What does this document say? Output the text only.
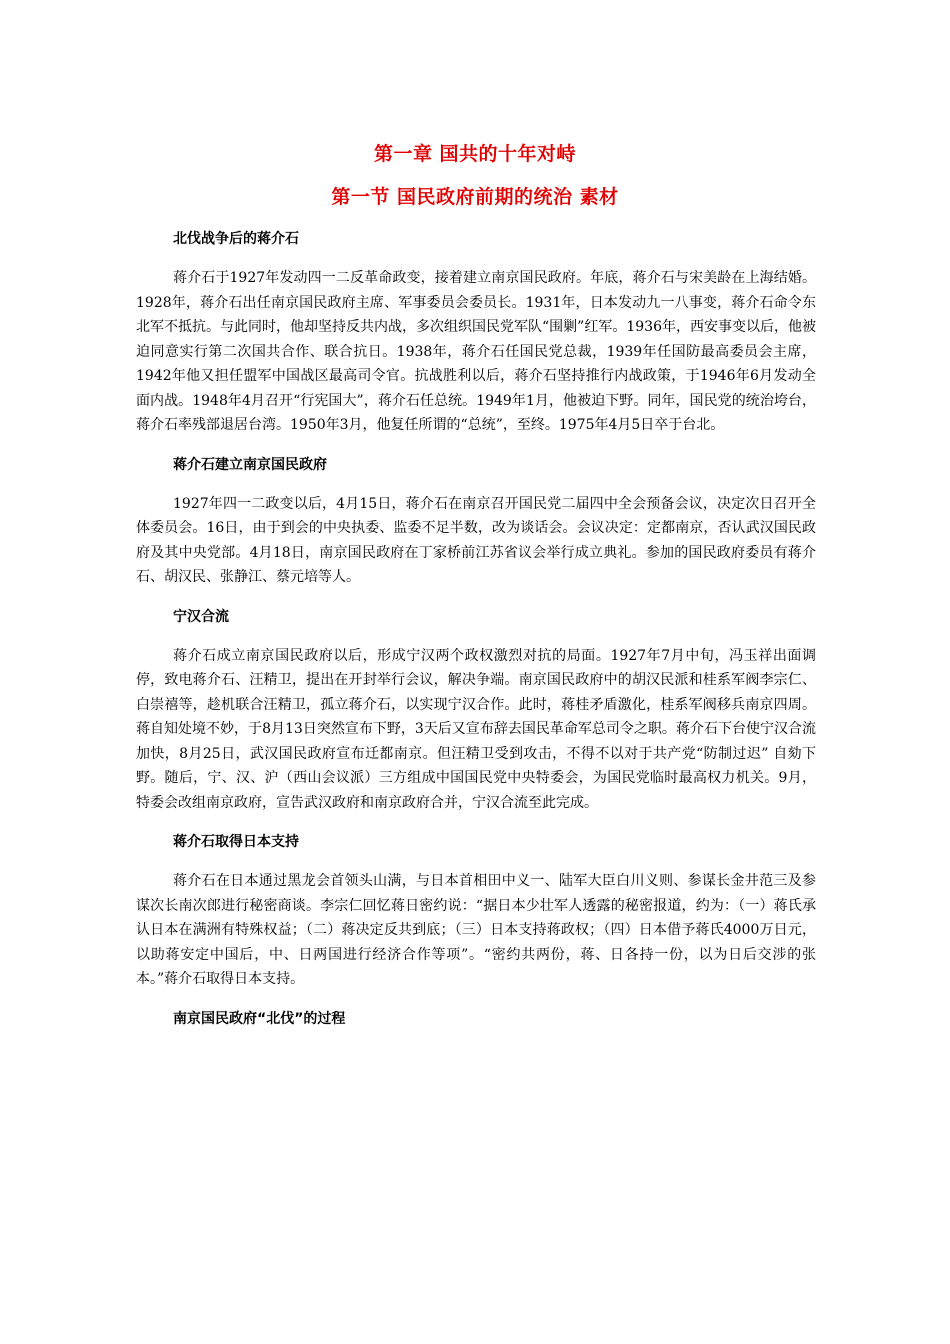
第一章 国共的十年对峙
第一节 国民政府前期的统治 素材
北伐战争后的蒋介石

蒋介石于1927年发动四一二反革命政变，接着建立南京国民政府。年底，蒋介石与宋美龄在上海结婚。1928年，蒋介石出任南京国民政府主席、军事委员会委员长。1931年，日本发动九一八事变，蒋介石命令东北军不抵抗。与此同时，他却坚持反共内战，多次组织国民党军队“围剿”红军。1936年，西安事变以后，他被迫同意实行第二次国共合作、联合抗日。1938年，蒋介石任国民党总裁，1939年任国防最高委员会主席，1942年他又担任盟军中国战区最高司令官。抗战胜利以后，蒋介石坚持推行内战政策，于1946年6月发动全面内战。1948年4月召开“行宪国大”，蒋介石任总统。1949年1月，他被迫下野。同年，国民党的统治垮台，蒋介石率残部退居台湾。1950年3月，他复任所谓的“总统”，至终。1975年4月5日卒于台北。

蒋介石建立南京国民政府

1927年四一二政变以后，4月15日，蒋介石在南京召开国民党二届四中全会预备会议，决定次日召开全体委员会。16日，由于到会的中央执委、监委不足半数，改为谈话会。会议决定：定都南京，否认武汉国民政府及其中央党部。4月18日，南京国民政府在丁家桥前江苏省议会举行成立典礼。参加的国民政府委员有蒋介石、胡汉民、张静江、蔡元培等人。

宁汉合流

蒋介石成立南京国民政府以后，形成宁汉两个政权激烈对抗的局面。1927年7月中旬，冯玉祥出面调停，致电蒋介石、汪精卫，提出在开封举行会议，解决争端。南京国民政府中的胡汉民派和桂系军阀李宗仁、白崇禧等，趁机联合汪精卫，孤立蒋介石，以实现宁汉合作。此时，蒋桂矛盾激化，桂系军阀移兵南京四周。蒋自知处境不妙，于8月13日突然宣布下野，3天后又宣布辞去国民革命军总司令之职。蒋介石下台使宁汉合流加快，8月25日，武汉国民政府宣布迁都南京。但汪精卫受到攻击，不得不以对于共产党“防制过迟” 自劾下野。随后，宁、汉、沪（西山会议派）三方组成中国国民党中央特委会，为国民党临时最高权力机关。9月，特委会改组南京政府，宣告武汉政府和南京政府合并，宁汉合流至此完成。

蒋介石取得日本支持

蒋介石在日本通过黑龙会首领头山满，与日本首相田中义一、陆军大臣白川义则、参谋长金井范三及参谋次长南次郎进行秘密商谈。李宗仁回忆蒋日密约说：“据日本少壮军人透露的秘密报道，约为：（一）蒋氏承认日本在满洲有特殊权益；（二）蒋决定反共到底；（三）日本支持蒋政权；（四）日本借予蒋氏4000万日元，以助蒋安定中国后，中、日两国进行经济合作等项”。“密约共两份，蒋、日各持一份，以为日后交涉的张本。”蒋介石取得日本支持。

南京国民政府“北伐”的过程
